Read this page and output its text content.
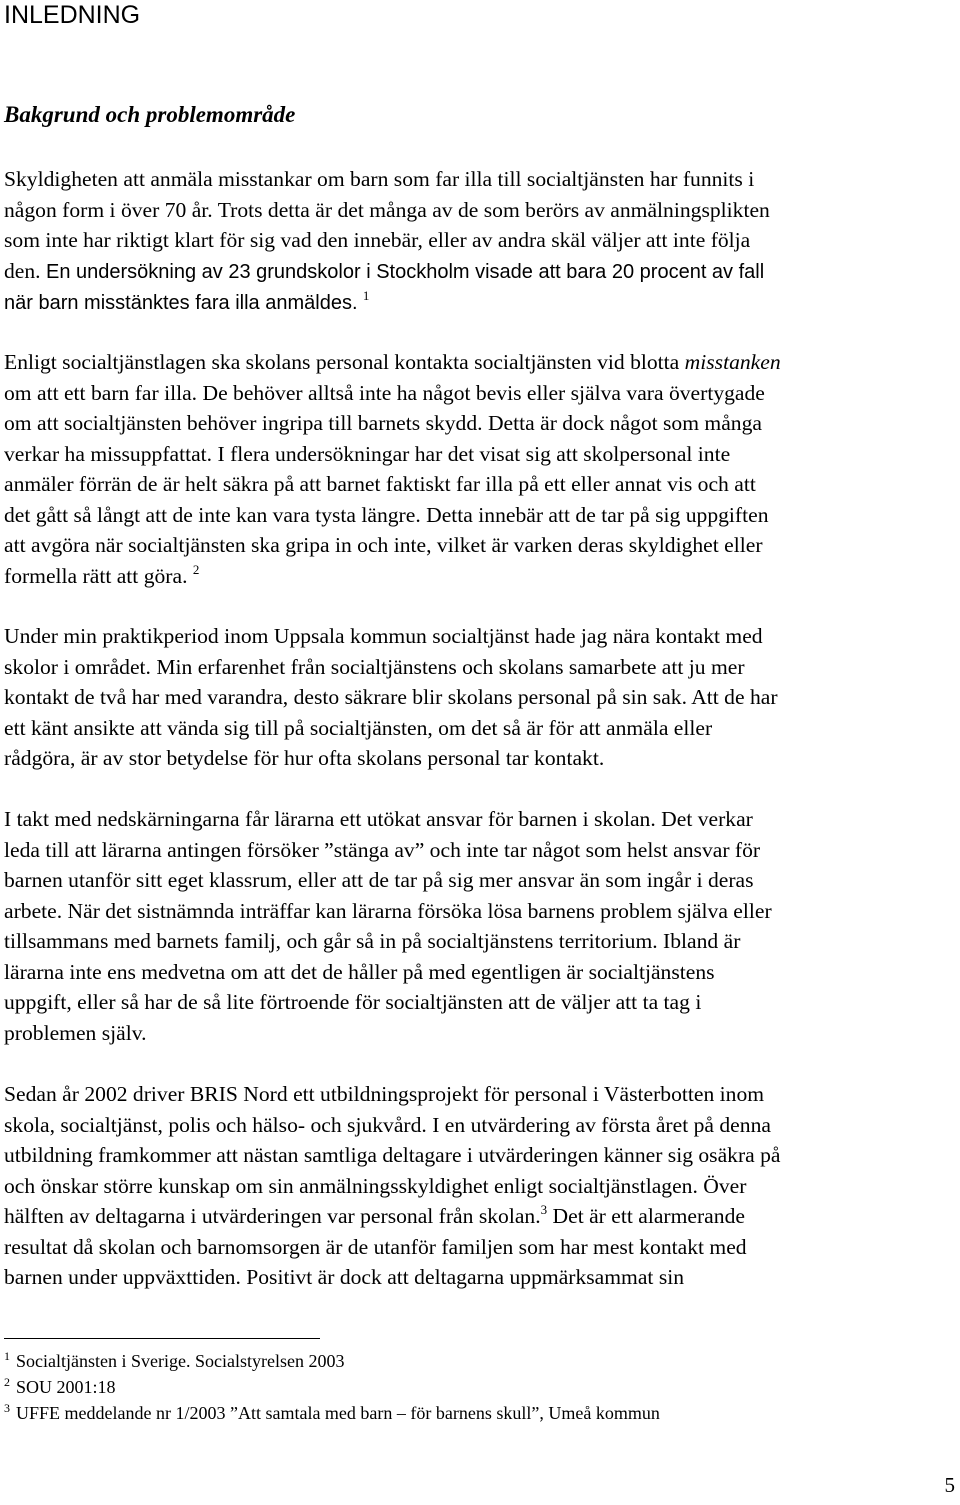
INLEDNING
Bakgrund och problemområde

Skyldigheten att anmäla misstankar om barn som far illa till socialtjänsten har funnits i
någon form i över 70 år. Trots detta är det många av de som berörs av anmälningsplikten
som inte har riktigt klart för sig vad den innebär, eller av andra skäl väljer att inte följa
den. En undersökning av 23 grundskolor i Stockholm visade att bara 20 procent av fall
när barn misstänktes fara illa anmäldes. $^1$

Enligt socialtjänstlagen ska skolans personal kontakta socialtjänsten vid blotta misstanken
om att ett barn far illa. De behöver alltså inte ha något bevis eller själva vara övertygade
om att socialtjänsten behöver ingripa till barnets skydd. Detta är dock något som många
verkar ha missuppfattat. I flera undersökningar har det visat sig att skolpersonal inte
anmäler förrän de är helt säkra på att barnet faktiskt far illa på ett eller annat vis och att
det gått så långt att de inte kan vara tysta längre. Detta innebär att de tar på sig uppgiften
att avgöra när socialtjänsten ska gripa in och inte, vilket är varken deras skyldighet eller
formella rätt att göra. $^2$

Under min praktikperiod inom Uppsala kommun socialtjänst hade jag nära kontakt med
skolor i området. Min erfarenhet från socialtjänstens och skolans samarbete att ju mer
kontakt de två har med varandra, desto säkrare blir skolans personal på sin sak. Att de har
ett känt ansikte att vända sig till på socialtjänsten, om det så är för att anmäla eller
rådgöra, är av stor betydelse för hur ofta skolans personal tar kontakt.

I takt med nedskärningarna får lärarna ett utökat ansvar för barnen i skolan. Det verkar
leda till att lärarna antingen försöker ”stänga av” och inte tar något som helst ansvar för
barnen utanför sitt eget klassrum, eller att de tar på sig mer ansvar än som ingår i deras
arbete. När det sistnämnda inträffar kan lärarna försöka lösa barnens problem själva eller
tillsammans med barnets familj, och går så in på socialtjänstens territorium. Ibland är
lärarna inte ens medvetna om att det de håller på med egentligen är socialtjänstens
uppgift, eller så har de så lite förtroende för socialtjänsten att de väljer att ta tag i
problemen själv.

Sedan år 2002 driver BRIS Nord ett utbildningsprojekt för personal i Västerbotten inom
skola, socialtjänst, polis och hälso- och sjukvård. I en utvärdering av första året på denna
utbildning framkommer att nästan samtliga deltagare i utvärderingen känner sig osäkra på
och önskar större kunskap om sin anmälningsskyldighet enligt socialtjänstlagen. Över
hälften av deltagarna i utvärderingen var personal från skolan.$^3$ Det är ett alarmerande
resultat då skolan och barnomsorgen är de utanför familjen som har mest kontakt med
barnen under uppväxttiden. Positivt är dock att deltagarna uppmärksammat sin

$^1$ Socialtjänsten i Sverige. Socialstyrelsen 2003
$^2$ SOU 2001:18
$^3$ UFFE meddelande nr 1/2003 ”Att samtala med barn – för barnens skull”, Umeå kommun
5
